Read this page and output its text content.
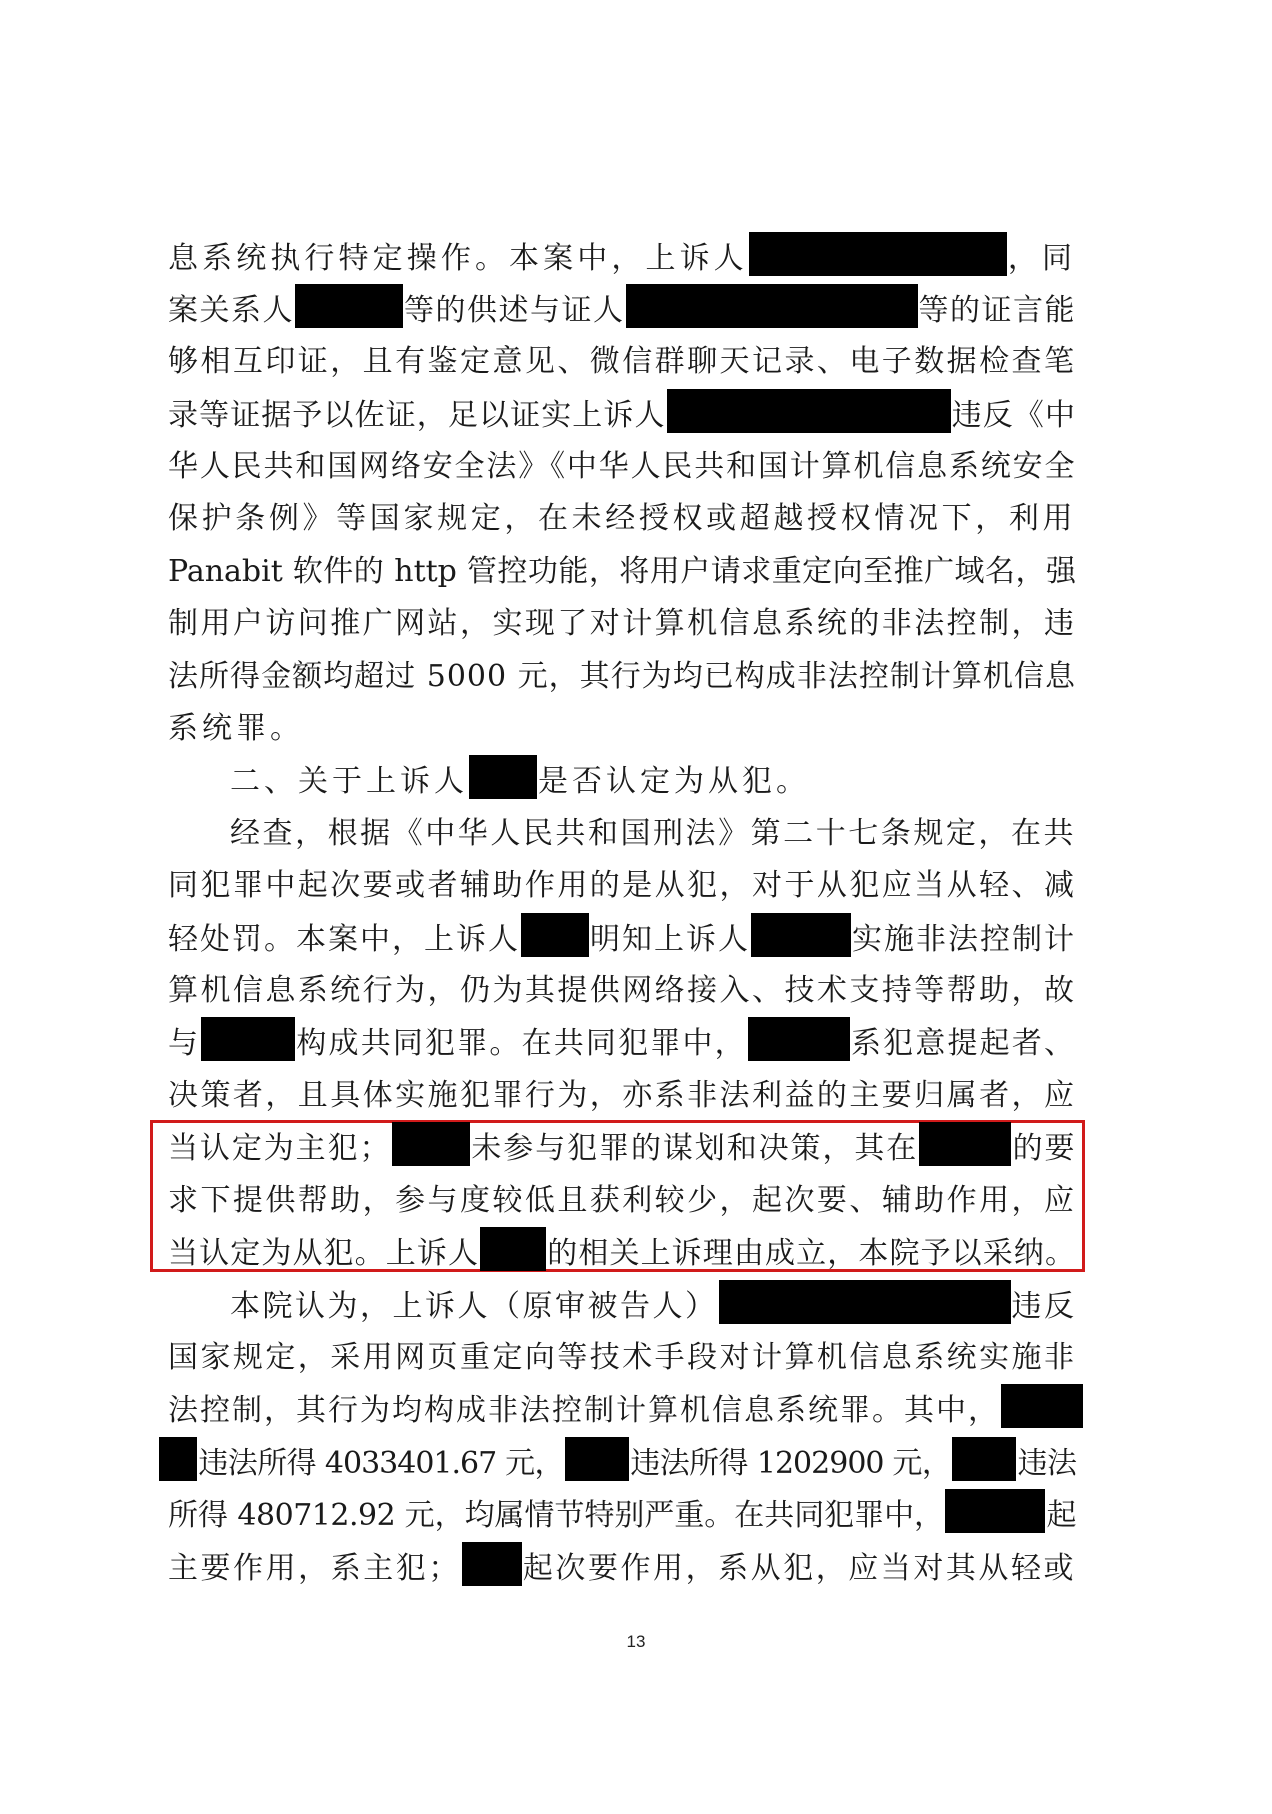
息系统执行特定操作。本案中，上诉人	，同
案关系人	等的供述与证人	等的证言能
够相互印证，且有鉴定意见、微信群聊天记录、电子数据检查笔
录等证据予以佐证，足以证实上诉人	违反《中
华人民共和国网络安全法》《中华人民共和国计算机信息系统安全
保护条例》等国家规定，在未经授权或超越授权情况下，利用
Panabit 软件的 http 管控功能，将用户请求重定向至推广域名，强
制用户访问推广网站，实现了对计算机信息系统的非法控制，违
法所得金额均超过 5000 元，其行为均已构成非法控制计算机信息
系统罪。
二、关于上诉人 是否认定为从犯。
经查，根据《中华人民共和国刑法》第二十七条规定，在共
同犯罪中起次要或者辅助作用的是从犯，对于从犯应当从轻、减
轻处罚。本案中，上诉人 明知上诉人	实施非法控制计
算机信息系统行为，仍为其提供网络接入、技术支持等帮助，故
与	构成共同犯罪。在共同犯罪中，	系犯意提起者、
决策者，且具体实施犯罪行为，亦系非法利益的主要归属者，应
当认定为主犯；	未参与犯罪的谋划和决策，其在	的要
求下提供帮助，参与度较低且获利较少，起次要、辅助作用，应
当认定为从犯。上诉人 的相关上诉理由成立，本院予以采纳。
本院认为，上诉人（原审被告人）	违反
国家规定，采用网页重定向等技术手段对计算机信息系统实施非
法控制，其行为均构成非法控制计算机信息系统罪。其中，
违法所得 4033401.67 元， 违法所得 1202900 元， 违法
所得 480712.92 元，均属情节特别严重。在共同犯罪中，	起
主要作用，系主犯； 起次要作用，系从犯，应当对其从轻或
13
